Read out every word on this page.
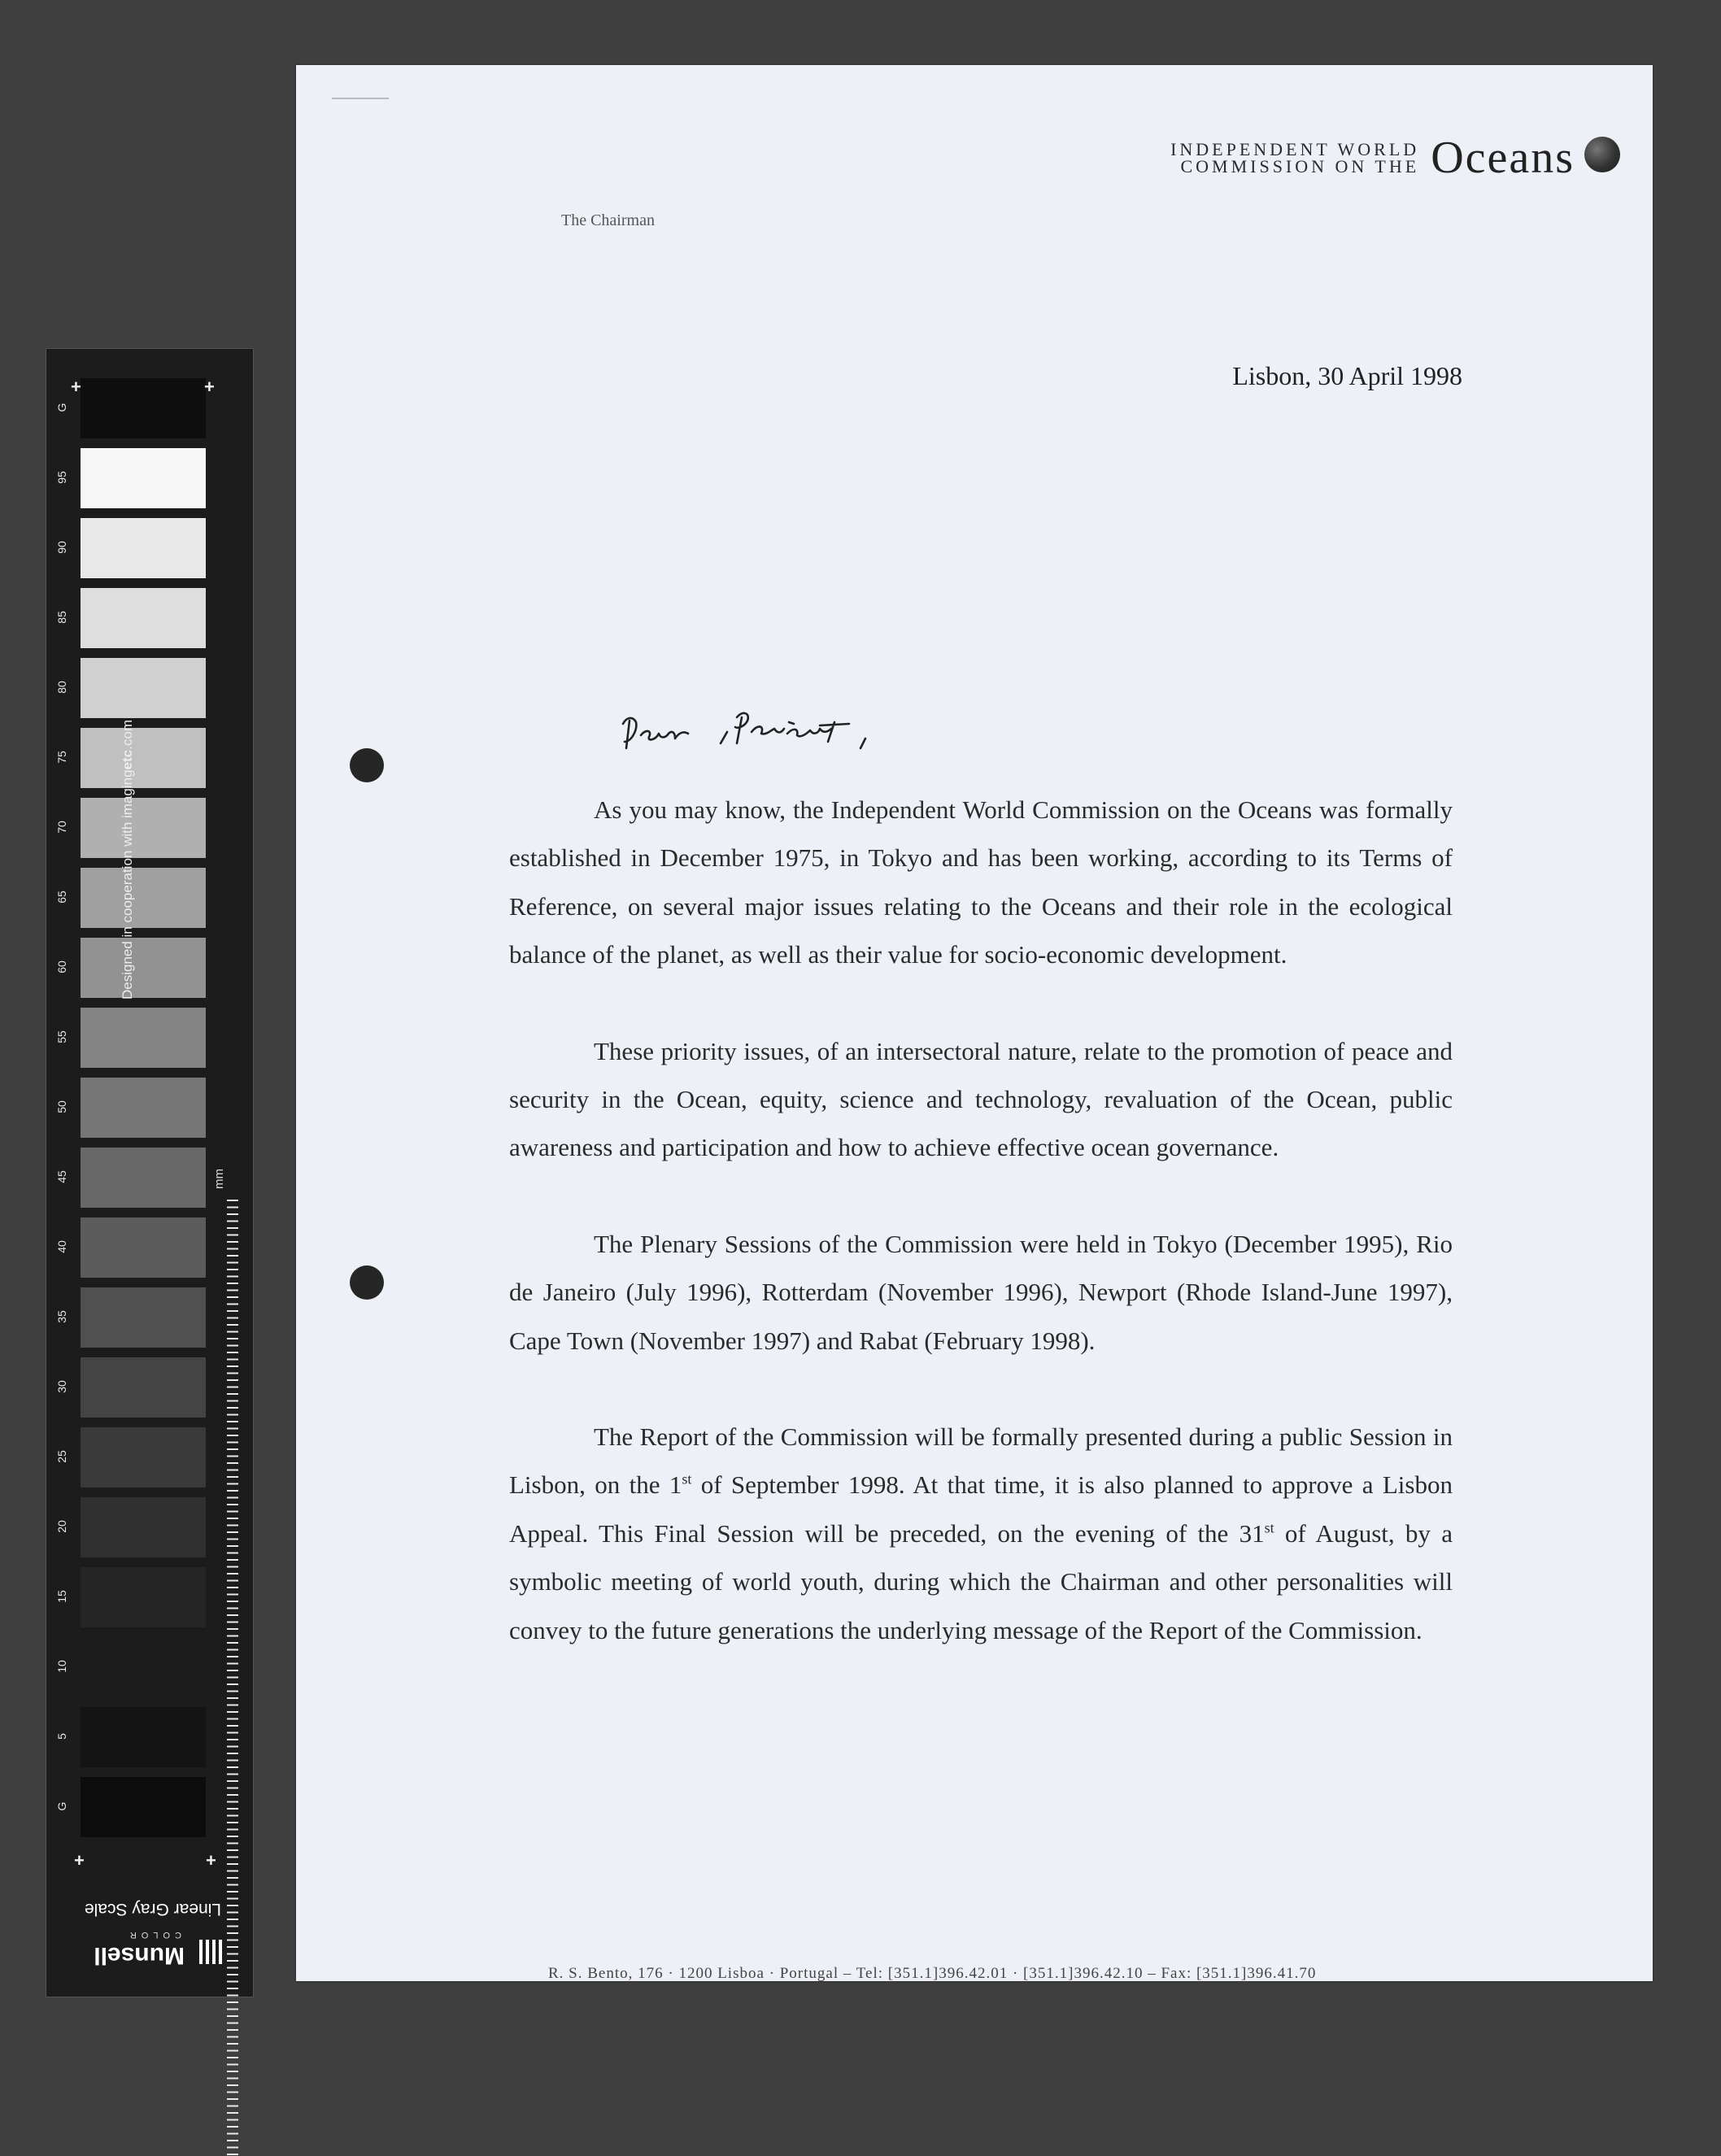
G
95
90
85
80
75
70
65
60
55
50
45
40
35
30
25
20
15
10
5
G
+	+
+	+
Designed in cooperation with imagingetc.com
mm
Linear Gray Scale
Munsell
COLOR
INDEPENDENT WORLD
COMMISSION ON THE Oceans
The Chairman
Lisbon, 30 April 1998

As you may know, the Independent World Commission on the Oceans was formally established in December 1975, in Tokyo and has been working, according to its Terms of Reference, on several major issues relating to the Oceans and their role in the ecological balance of the planet, as well as their value for socio-economic development.

These priority issues, of an intersectoral nature, relate to the promotion of peace and security in the Ocean, equity, science and technology, revaluation of the Ocean, public awareness and participation and how to achieve effective ocean governance.

The Plenary Sessions of the Commission were held in Tokyo (December 1995), Rio de Janeiro (July 1996), Rotterdam (November 1996), Newport (Rhode Island-June 1997), Cape Town (November 1997) and Rabat (February 1998).

The Report of the Commission will be formally presented during a public Session in Lisbon, on the 1st of September 1998. At that time, it is also planned to approve a Lisbon Appeal. This Final Session will be preceded, on the evening of the 31st of August, by a symbolic meeting of world youth, during which the Chairman and other personalities will convey to the future generations the underlying message of the Report of the Commission.

R. S. Bento, 176 · 1200 Lisboa · Portugal – Tel: [351.1]396.42.01 · [351.1]396.42.10 – Fax: [351.1]396.41.70
